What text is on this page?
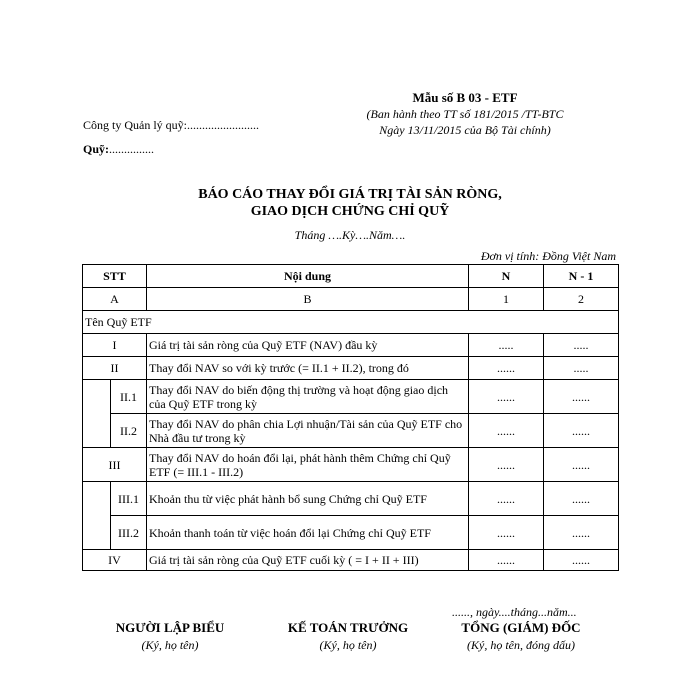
Mẫu số B 03 - ETF
(Ban hành theo TT số 181/2015 /TT-BTC
Ngày 13/11/2015 của Bộ Tài chính)
Công ty Quản lý quỹ:........................
Quỹ:...............
BÁO CÁO THAY ĐỔI GIÁ TRỊ TÀI SẢN RÒNG,
GIAO DỊCH CHỨNG CHỈ QUỸ
Tháng ….Kỳ….Năm….
Đơn vị tính: Đồng Việt Nam
STT		Nội dung	N	N - 1
A		B	1	2
Tên Quỹ ETF				
I		Giá trị tài sản ròng của Quỹ ETF (NAV) đầu kỳ	.....	.....
II		Thay đổi NAV so với kỳ trước (= II.1 + II.2), trong đó	......	.....
	II.1	Thay đổi NAV do biến động thị trường và hoạt động giao dịch của Quỹ ETF trong kỳ	......	......
	II.2	Thay đổi NAV do phân chia Lợi nhuận/Tài sản của Quỹ ETF cho Nhà đầu tư trong kỳ	......	......
III		Thay đổi NAV do hoán đổi lại, phát hành thêm Chứng chỉ Quỹ ETF (= III.1 - III.2)	......	......
	III.1	Khoản thu từ việc phát hành bổ sung Chứng chỉ Quỹ ETF	......	......
	III.2	Khoản thanh toán từ việc hoán đổi lại Chứng chỉ Quỹ ETF	......	......
IV		Giá trị tài sản ròng của Quỹ ETF cuối kỳ ( = I + II + III)	......	......
......, ngày....tháng...năm...
NGƯỜI LẬP BIỂU
(Ký, họ tên)
KẾ TOÁN TRƯỞNG
(Ký, họ tên)
TỔNG (GIÁM) ĐỐC
(Ký, họ tên, đóng dấu)
